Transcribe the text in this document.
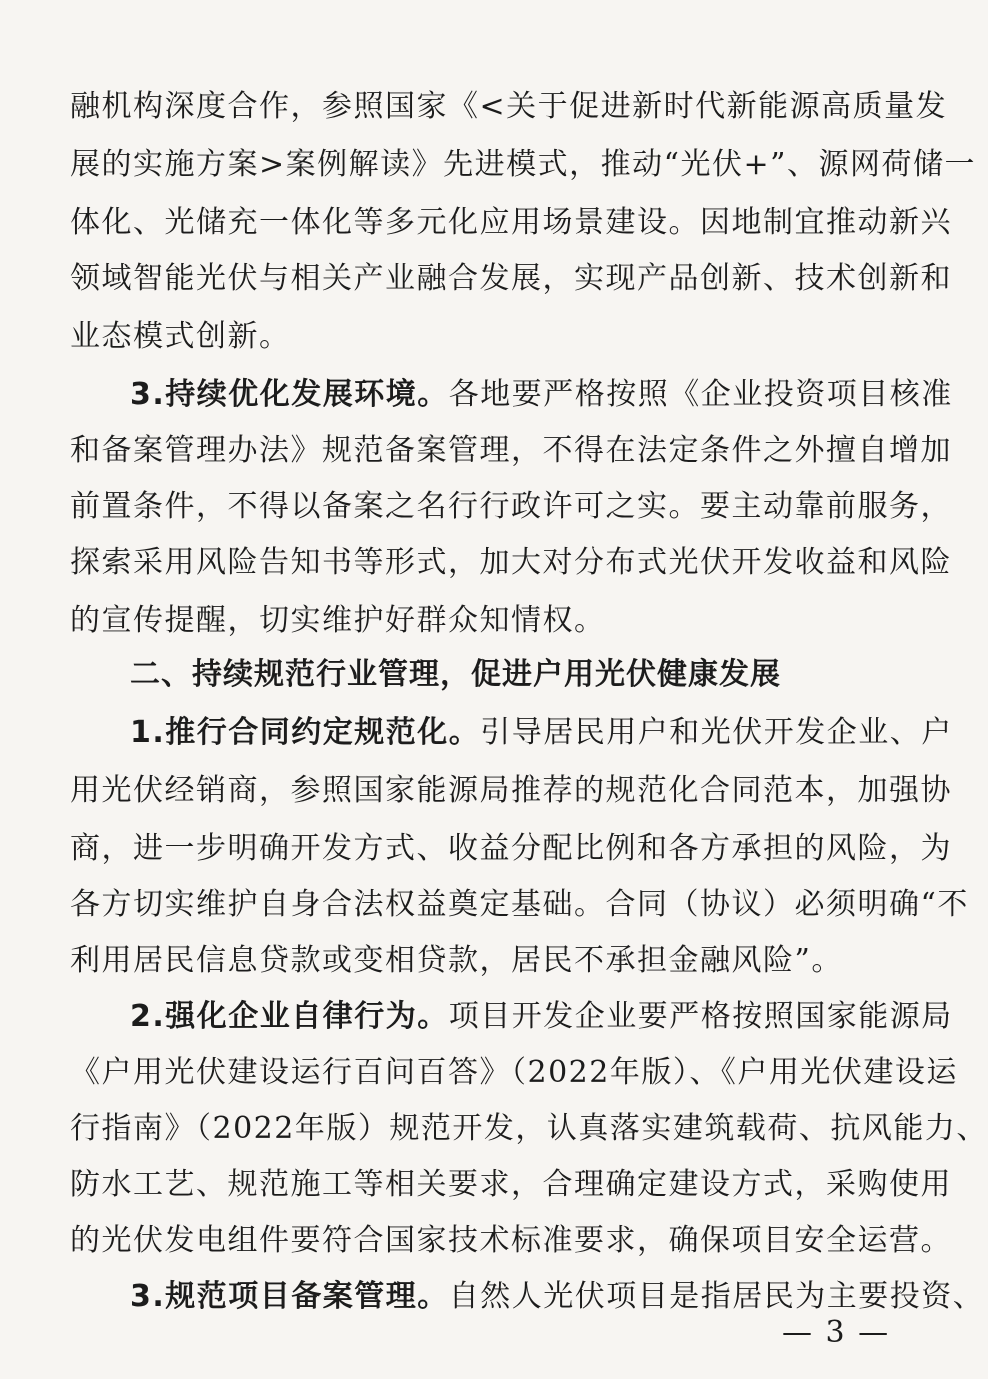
融机构深度合作，参照国家《<关于促进新时代新能源高质量发
展的实施方案>案例解读》先进模式，推动“光伏+”、源网荷储一
体化、光储充一体化等多元化应用场景建设。因地制宜推动新兴
领域智能光伏与相关产业融合发展，实现产品创新、技术创新和
业态模式创新。
3.持续优化发展环境。各地要严格按照《企业投资项目核准
和备案管理办法》规范备案管理，不得在法定条件之外擅自增加
前置条件，不得以备案之名行行政许可之实。要主动靠前服务，
探索采用风险告知书等形式，加大对分布式光伏开发收益和风险
的宣传提醒，切实维护好群众知情权。
二、持续规范行业管理，促进户用光伏健康发展
1.推行合同约定规范化。引导居民用户和光伏开发企业、户
用光伏经销商，参照国家能源局推荐的规范化合同范本，加强协
商，进一步明确开发方式、收益分配比例和各方承担的风险，为
各方切实维护自身合法权益奠定基础。合同（协议）必须明确“不
利用居民信息贷款或变相贷款，居民不承担金融风险”。
2.强化企业自律行为。项目开发企业要严格按照国家能源局
《户用光伏建设运行百问百答》（2022年版）、《户用光伏建设运
行指南》（2022年版）规范开发，认真落实建筑载荷、抗风能力、
防水工艺、规范施工等相关要求，合理确定建设方式，采购使用
的光伏发电组件要符合国家技术标准要求，确保项目安全运营。
3.规范项目备案管理。自然人光伏项目是指居民为主要投资、
— 3 —
